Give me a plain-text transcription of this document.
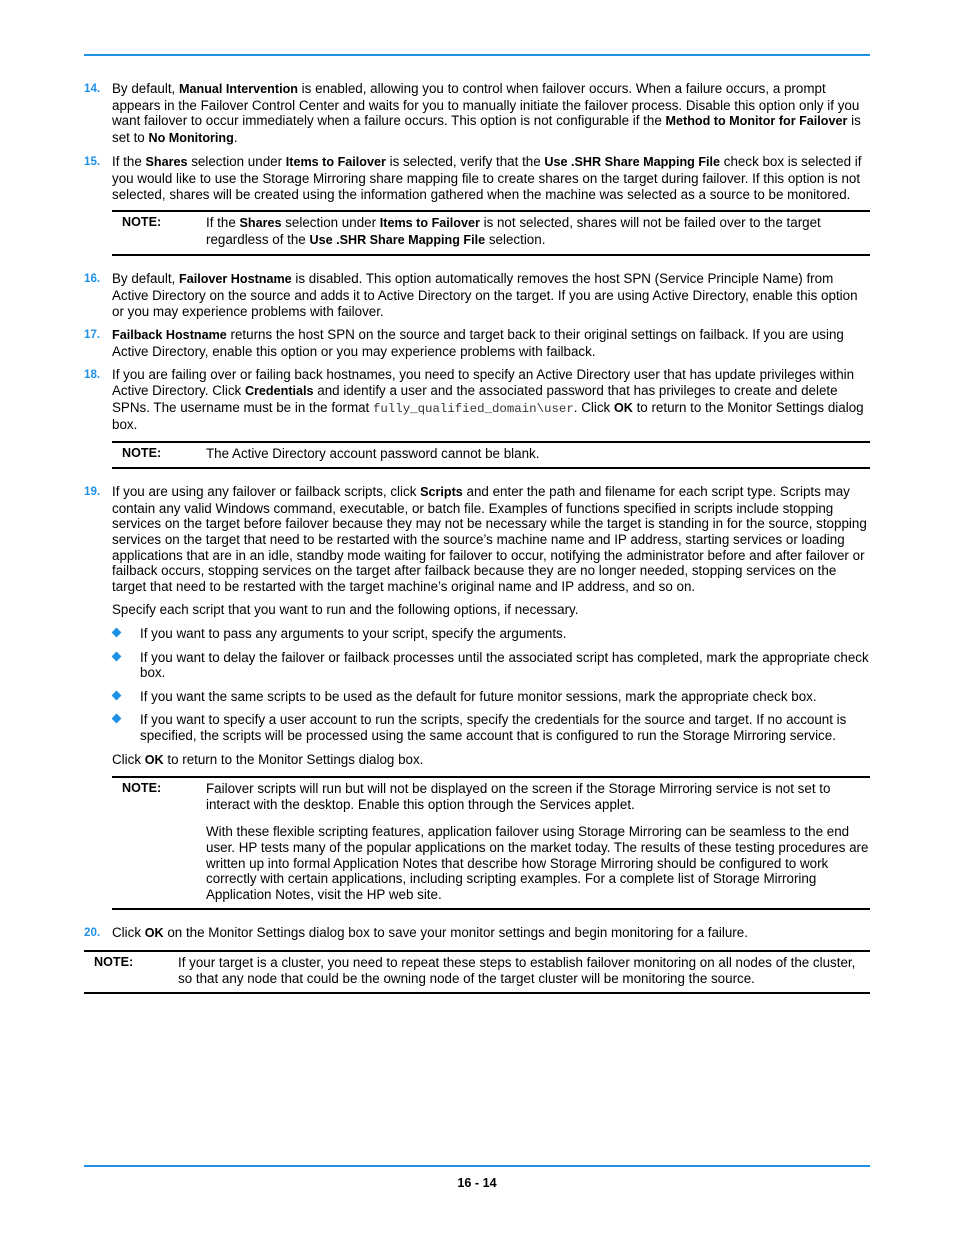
14. By default, Manual Intervention is enabled, allowing you to control when failover occurs. When a failure occurs, a prompt appears in the Failover Control Center and waits for you to manually initiate the failover process. Disable this option only if you want failover to occur immediately when a failure occurs. This option is not configurable if the Method to Monitor for Failover is set to No Monitoring.

15. If the Shares selection under Items to Failover is selected, verify that the Use .SHR Share Mapping File check box is selected if you would like to use the Storage Mirroring share mapping file to create shares on the target during failover. If this option is not selected, shares will be created using the information gathered when the machine was selected as a source to be monitored.

NOTE:	If the Shares selection under Items to Failover is not selected, shares will not be failed over to the target regardless of the Use .SHR Share Mapping File selection.

16. By default, Failover Hostname is disabled. This option automatically removes the host SPN (Service Principle Name) from Active Directory on the source and adds it to Active Directory on the target. If you are using Active Directory, enable this option or you may experience problems with failover.

17. Failback Hostname returns the host SPN on the source and target back to their original settings on failback. If you are using Active Directory, enable this option or you may experience problems with failback.

18. If you are failing over or failing back hostnames, you need to specify an Active Directory user that has update privileges within Active Directory. Click Credentials and identify a user and the associated password that has privileges to create and delete SPNs. The username must be in the format fully_qualified_domain\user. Click OK to return to the Monitor Settings dialog box.

NOTE:	The Active Directory account password cannot be blank.

19. If you are using any failover or failback scripts, click Scripts and enter the path and filename for each script type. Scripts may contain any valid Windows command, executable, or batch file. Examples of functions specified in scripts include stopping services on the target before failover because they may not be necessary while the target is standing in for the source, stopping services on the target that need to be restarted with the source’s machine name and IP address, starting services or loading applications that are in an idle, standby mode waiting for failover to occur, notifying the administrator before and after failover or failback occurs, stopping services on the target after failback because they are no longer needed, stopping services on the target that need to be restarted with the target machine’s original name and IP address, and so on.

Specify each script that you want to run and the following options, if necessary.

If you want to pass any arguments to your script, specify the arguments.
If you want to delay the failover or failback processes until the associated script has completed, mark the appropriate check box.
If you want the same scripts to be used as the default for future monitor sessions, mark the appropriate check box.
If you want to specify a user account to run the scripts, specify the credentials for the source and target. If no account is specified, the scripts will be processed using the same account that is configured to run the Storage Mirroring service.

Click OK to return to the Monitor Settings dialog box.

NOTE:	Failover scripts will run but will not be displayed on the screen if the Storage Mirroring service is not set to interact with the desktop. Enable this option through the Services applet.

With these flexible scripting features, application failover using Storage Mirroring can be seamless to the end user. HP tests many of the popular applications on the market today. The results of these testing procedures are written up into formal Application Notes that describe how Storage Mirroring should be configured to work correctly with certain applications, including scripting examples. For a complete list of Storage Mirroring Application Notes, visit the HP web site.

20. Click OK on the Monitor Settings dialog box to save your monitor settings and begin monitoring for a failure.

NOTE:	If your target is a cluster, you need to repeat these steps to establish failover monitoring on all nodes of the cluster, so that any node that could be the owning node of the target cluster will be monitoring the source.

16 - 14
